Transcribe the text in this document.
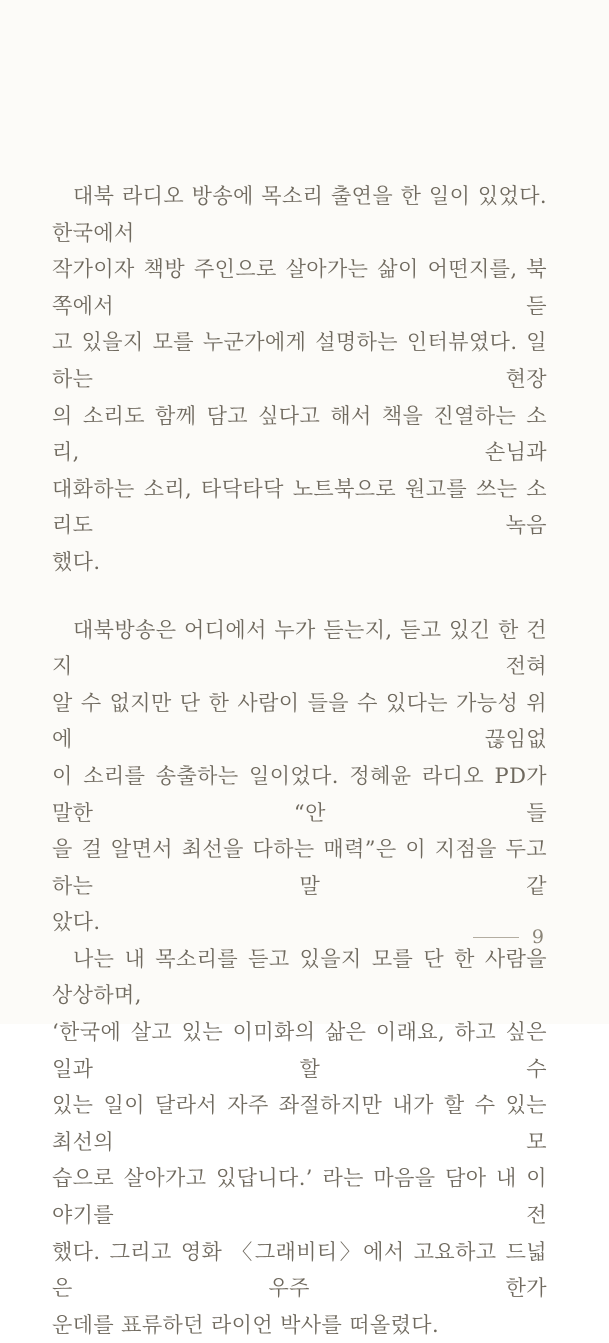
대북 라디오 방송에 목소리 출연을 한 일이 있었다. 한국에서
작가이자 책방 주인으로 살아가는 삶이 어떤지를, 북쪽에서 듣
고 있을지 모를 누군가에게 설명하는 인터뷰였다. 일하는 현장
의 소리도 함께 담고 싶다고 해서 책을 진열하는 소리, 손님과
대화하는 소리, 타닥타닥 노트북으로 원고를 쓰는 소리도 녹음
했다.
대북방송은 어디에서 누가 듣는지, 듣고 있긴 한 건지 전혀
알 수 없지만 단 한 사람이 들을 수 있다는 가능성 위에 끊임없
이 소리를 송출하는 일이었다. 정혜윤 라디오 PD가 말한 “안 들
을 걸 알면서 최선을 다하는 매력”은 이 지점을 두고 하는 말 같
았다.
나는 내 목소리를 듣고 있을지 모를 단 한 사람을 상상하며,
‘한국에 살고 있는 이미화의 삶은 이래요, 하고 싶은 일과 할 수
있는 일이 달라서 자주 좌절하지만 내가 할 수 있는 최선의 모
습으로 살아가고 있답니다.’ 라는 마음을 담아 내 이야기를 전
했다. 그리고 영화 〈그래비티〉에서 고요하고 드넓은 우주 한가
운데를 표류하던 라이언 박사를 떠올렸다.
9
